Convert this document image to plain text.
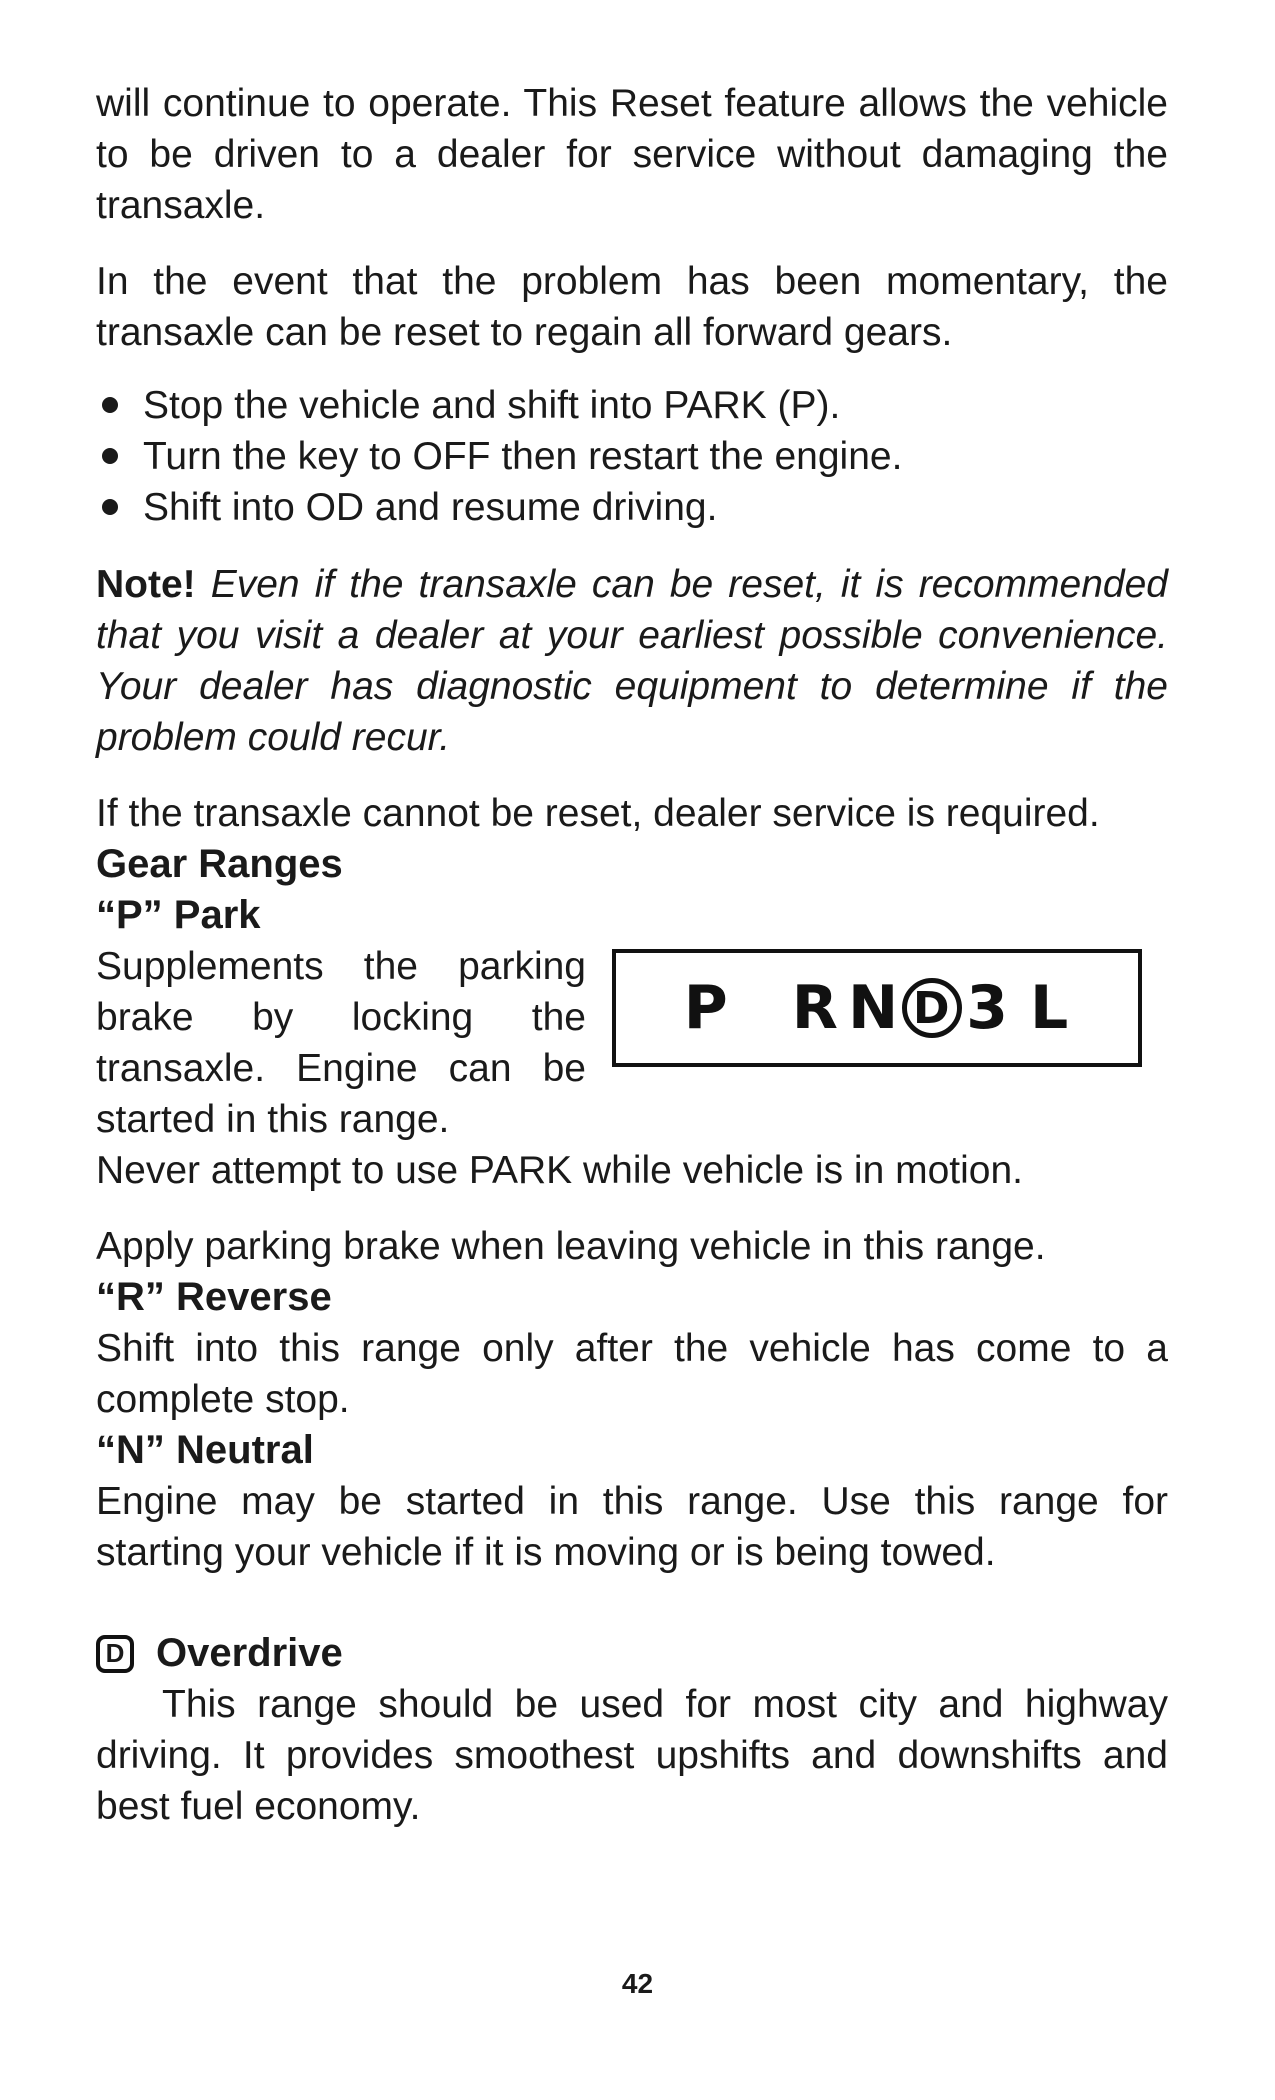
will continue to operate. This Reset feature allows the vehicle to be driven to a dealer for service without damaging the transaxle.

In the event that the problem has been momentary, the transaxle can be reset to regain all forward gears.

Stop the vehicle and shift into PARK (P).
Turn the key to OFF then restart the engine.
Shift into OD and resume driving.

Note! Even if the transaxle can be reset, it is recommended that you visit a dealer at your earliest possible convenience. Your dealer has diagnostic equipment to determine if the problem could recur.

If the transaxle cannot be reset, dealer service is required.

Gear Ranges
“P” Park

Supplements the parking brake by locking the transaxle. Engine can be started in this range.

P R N D 3 L

Never attempt to use PARK while vehicle is in motion.

Apply parking brake when leaving vehicle in this range.

“R” Reverse

Shift into this range only after the vehicle has come to a complete stop.

“N” Neutral

Engine may be started in this range. Use this range for starting your vehicle if it is moving or is being towed.

D Overdrive

This range should be used for most city and highway driving. It provides smoothest upshifts and downshifts and best fuel economy.

42
